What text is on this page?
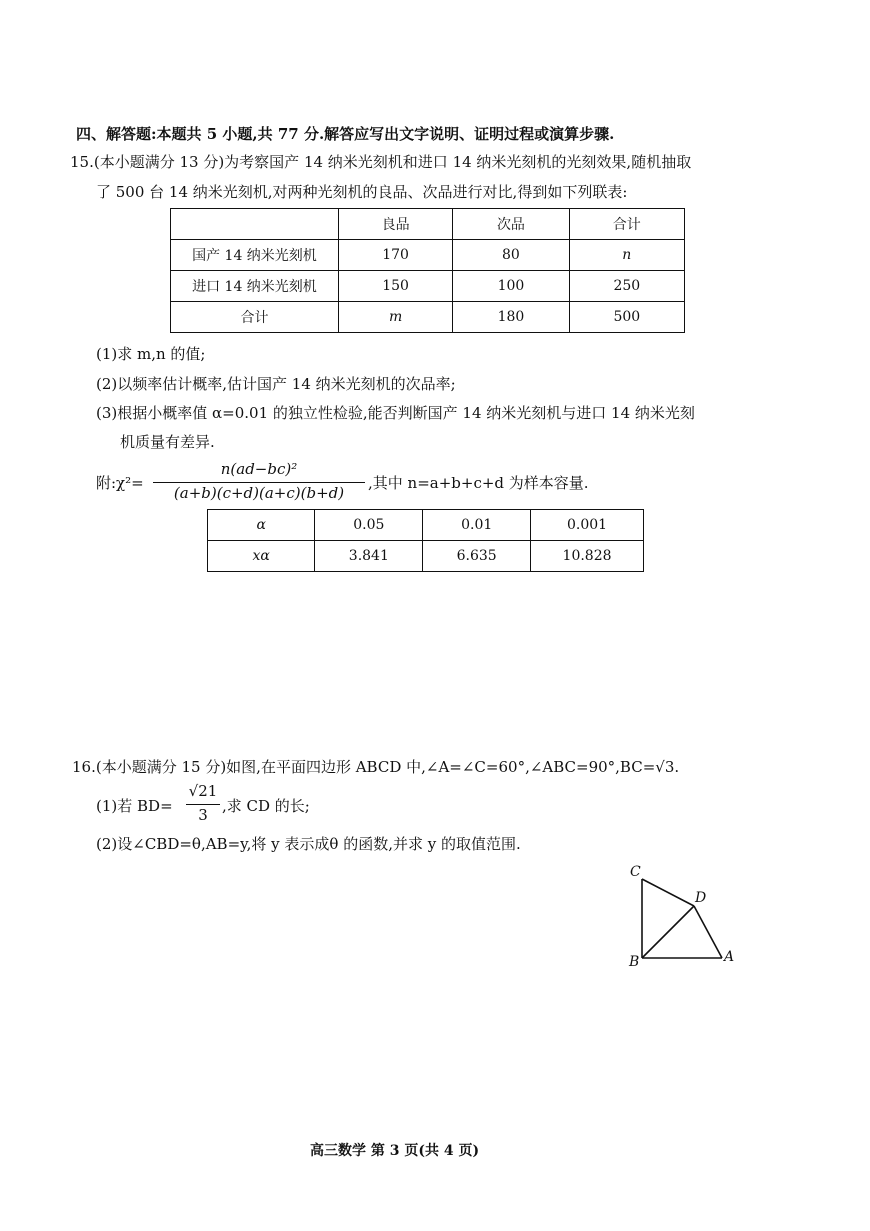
四、解答题:本题共 5 小题,共 77 分.解答应写出文字说明、证明过程或演算步骤.
15.(本小题满分 13 分)为考察国产 14 纳米光刻机和进口 14 纳米光刻机的光刻效果,随机抽取
了 500 台 14 纳米光刻机,对两种光刻机的良品、次品进行对比,得到如下列联表:
	良品	次品	合计
国产 14 纳米光刻机	170	80	n
进口 14 纳米光刻机	150	100	250
合计	m	180	500
(1)求 m,n 的值;
(2)以频率估计概率,估计国产 14 纳米光刻机的次品率;
(3)根据小概率值 α=0.01 的独立性检验,能否判断国产 14 纳米光刻机与进口 14 纳米光刻
机质量有差异.
附:χ²=
n(ad−bc)²
(a+b)(c+d)(a+c)(b+d)
,其中 n=a+b+c+d 为样本容量.
α	0.05	0.01	0.001
xα	3.841	6.635	10.828
16.(本小题满分 15 分)如图,在平面四边形 ABCD 中,∠A=∠C=60°,∠ABC=90°,BC=√3.
(1)若 BD=
√21
3 ,求 CD 的长;
(2)设∠CBD=θ,AB=y,将 y 表示成θ 的函数,并求 y 的取值范围.
C
D
B	A
高三数学 第 3 页(共 4 页)
